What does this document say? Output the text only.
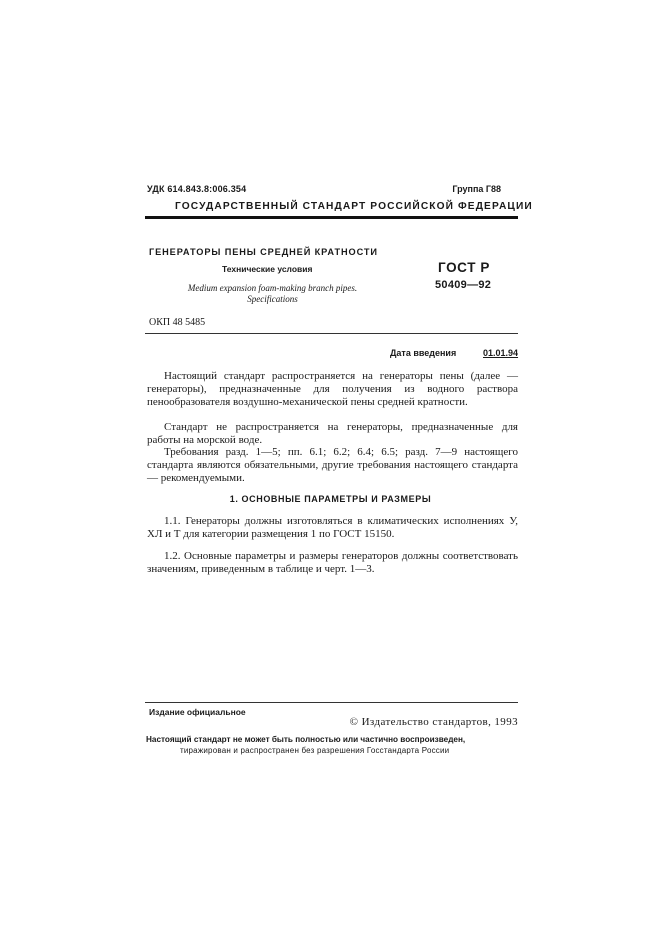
УДК 614.843.8:006.354	Группа Г88
ГОСУДАРСТВЕННЫЙ СТАНДАРТ РОССИЙСКОЙ ФЕДЕРАЦИИ
ГЕНЕРАТОРЫ ПЕНЫ СРЕДНЕЙ КРАТНОСТИ
Технические условия
Medium expansion foam-making branch pipes.
Specifications
ГОСТ Р
50409—92
ОКП 48 5485
Дата введения	01.01.94

Настоящий стандарт распространяется на генераторы пены (далее — генераторы), предназначенные для получения из водного раствора пенообразователя воздушно-механической пены средней кратности.

Стандарт не распространяется на генераторы, предназначенные для работы на морской воде.

Требования разд. 1—5; пп. 6.1; 6.2; 6.4; 6.5; разд. 7—9 настоящего стандарта являются обязательными, другие требования настоящего стандарта — рекомендуемыми.

1. ОСНОВНЫЕ ПАРАМЕТРЫ И РАЗМЕРЫ

1.1. Генераторы должны изготовляться в климатических исполнениях У, ХЛ и Т для категории размещения 1 по ГОСТ 15150.

1.2. Основные параметры и размеры генераторов должны соответствовать значениям, приведенным в таблице и черт. 1—3.

Издание официальное
© Издательство стандартов, 1993
Настоящий стандарт не может быть полностью или частично воспроизведен,
тиражирован и распространен без разрешения Госстандарта России
